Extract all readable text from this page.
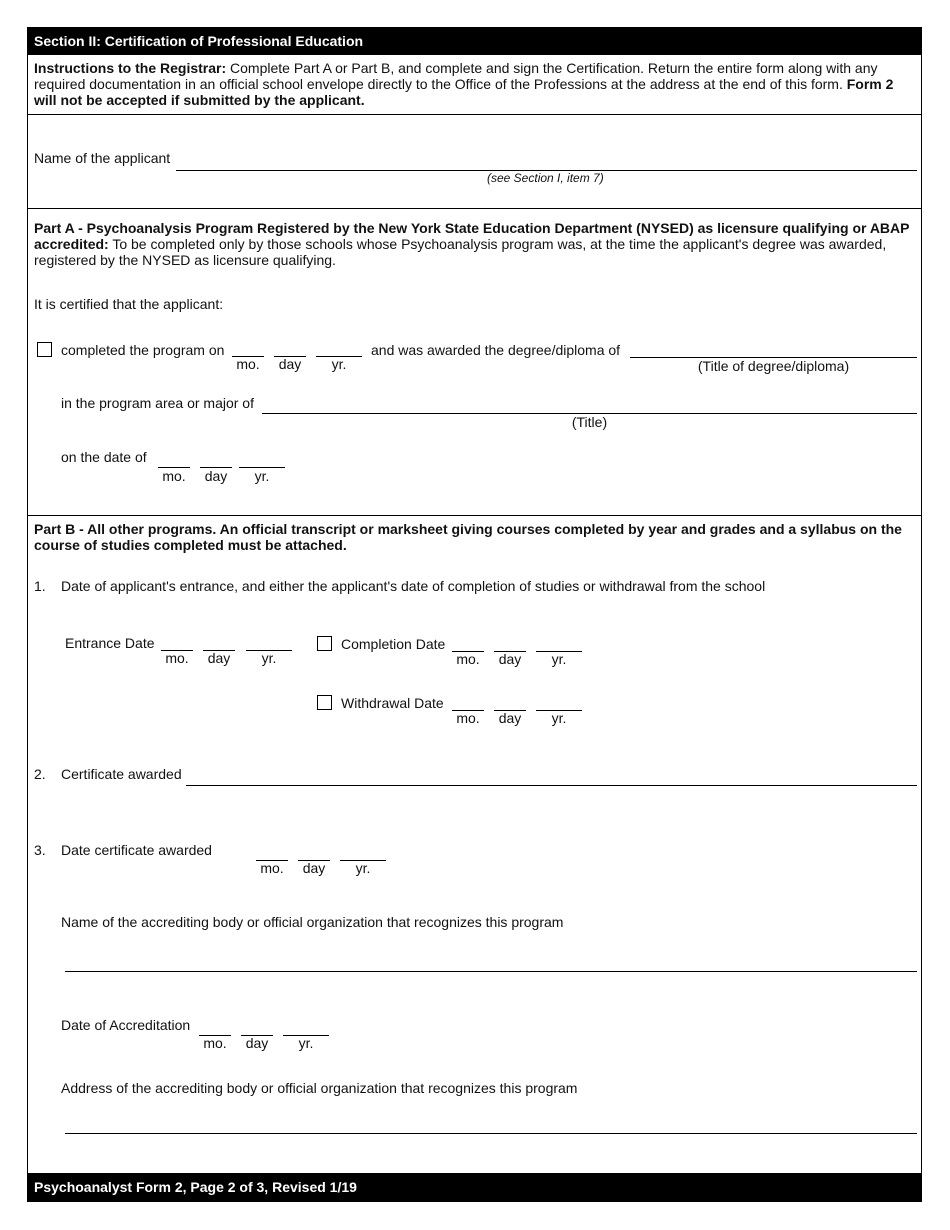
Section II: Certification of Professional Education
Instructions to the Registrar: Complete Part A or Part B, and complete and sign the Certification. Return the entire form along with any required documentation in an official school envelope directly to the Office of the Professions at the address at the end of this form. Form 2 will not be accepted if submitted by the applicant.
Name of the applicant
(see Section I, item 7)
Part A - Psychoanalysis Program Registered by the New York State Education Department (NYSED) as licensure qualifying or ABAP accredited: To be completed only by those schools whose Psychoanalysis program was, at the time the applicant's degree was awarded, registered by the NYSED as licensure qualifying.
It is certified that the applicant:
completed the program on
mo.	day	yr.
and was awarded the degree/diploma of
(Title of degree/diploma)
in the program area or major of
(Title)
on the date of
mo.	day	yr.
Part B - All other programs. An official transcript or marksheet giving courses completed by year and grades and a syllabus on the course of studies completed must be attached.
1. Date of applicant's entrance, and either the applicant's date of completion of studies or withdrawal from the school
Entrance Date
mo.	day	yr.
Completion Date
mo.	day	yr.
Withdrawal Date
mo.	day	yr.
2. Certificate awarded
3. Date certificate awarded
mo.	day	yr.
Name of the accrediting body or official organization that recognizes this program
Date of Accreditation
mo.	day	yr.
Address of the accrediting body or official organization that recognizes this program
Psychoanalyst Form 2, Page 2 of 3, Revised 1/19
